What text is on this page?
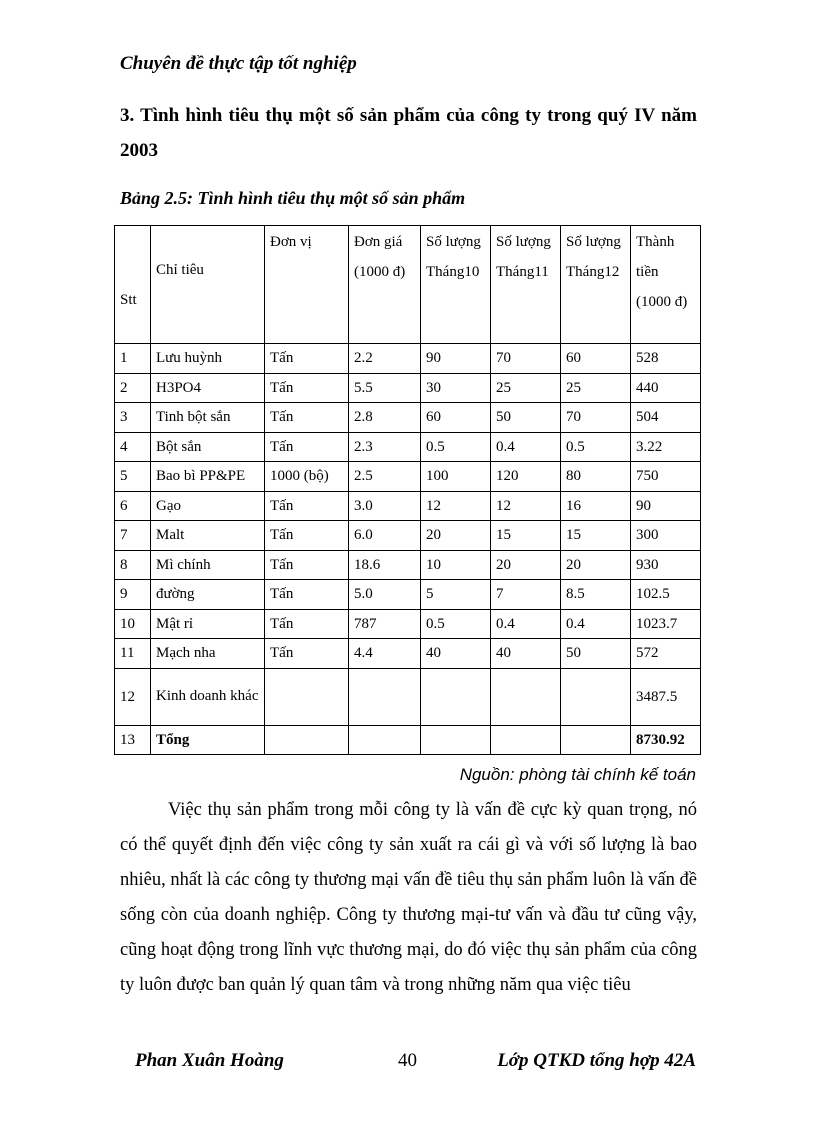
Chuyên đề thực tập tốt nghiệp
3. Tình hình tiêu thụ một số sản phẩm của công ty trong quý IV năm 2003
Bảng 2.5: Tình hình tiêu thụ một số sản phẩm
Stt	Chỉ tiêu	Đơn vị	Đơn giá (1000 đ)	Số lượng Tháng10	Số lượng Tháng11	Số lượng Tháng12	Thành tiền (1000 đ)
1	Lưu huỳnh	Tấn	2.2	90	70	60	528
2	H3PO4	Tấn	5.5	30	25	25	440
3	Tinh bột sắn	Tấn	2.8	60	50	70	504
4	Bột sắn	Tấn	2.3	0.5	0.4	0.5	3.22
5	Bao bì PP&PE	1000 (bộ)	2.5	100	120	80	750
6	Gạo	Tấn	3.0	12	12	16	90
7	Malt	Tấn	6.0	20	15	15	300
8	Mì chính	Tấn	18.6	10	20	20	930
9	đường	Tấn	5.0	5	7	8.5	102.5
10	Mật rỉ	Tấn	787	0.5	0.4	0.4	1023.7
11	Mạch nha	Tấn	4.4	40	40	50	572
12	Kinh doanh khác						3487.5
13	Tổng						8730.92
Nguồn: phòng tài chính kế toán

Việc thụ sản phẩm trong mỗi công ty là vấn đề cực kỳ quan trọng, nó có thể quyết định đến việc công ty sản xuất ra cái gì và với số lượng là bao nhiêu, nhất là các công ty thương mại vấn đề tiêu thụ sản phẩm luôn là vấn đề sống còn của doanh nghiệp. Công ty thương mại-tư vấn và đầu tư cũng vậy, cũng hoạt động trong lĩnh vực thương mại, do đó việc thụ sản phẩm của công ty luôn được ban quản lý quan tâm và trong những năm qua việc tiêu

Phan Xuân Hoàng	40	Lớp QTKD tổng hợp 42A
